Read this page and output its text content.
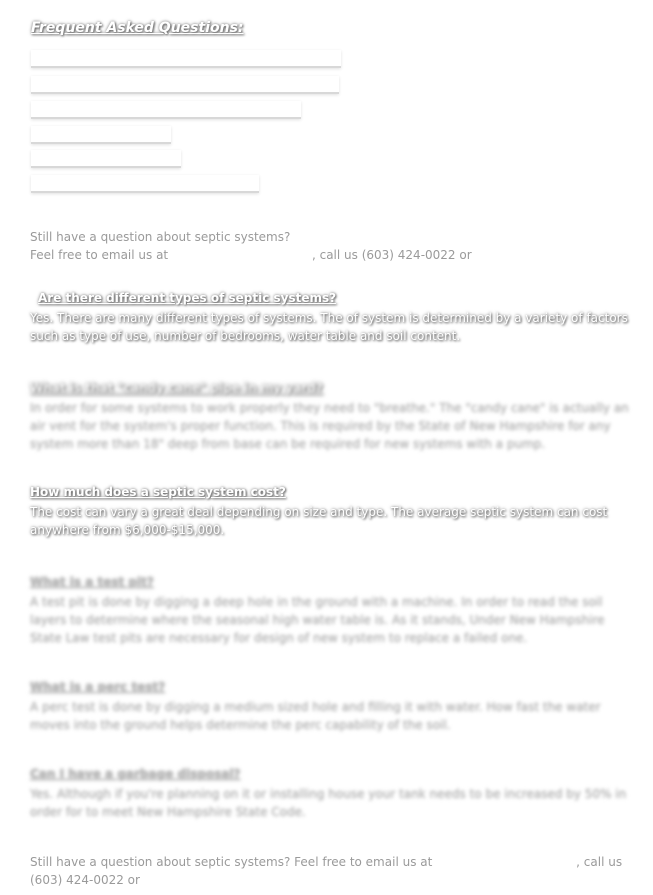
Frequent Asked Questions:
Still have a question about septic systems?
Feel free to email us at	, call us (603) 424-0022 or
Are there different types of septic systems?
Yes. There are many different types of systems. The of system is determined by a variety of factors such as type of use, number of bedrooms, water table and soil content.
What is that "candy cane" pipe in my yard?
In order for some systems to work properly they need to "breathe." The "candy cane" is actually an air vent for the system's proper function. This is required by the State of New Hampshire for any system more than 18" deep from base can be required for new systems with a pump.
How much does a septic system cost?
The cost can vary a great deal depending on size and type. The average septic system can cost anywhere from $6,000-$15,000.
What is a test pit?
A test pit is done by digging a deep hole in the ground with a machine. In order to read the soil layers to determine where the seasonal high water table is. As it stands, Under New Hampshire State Law test pits are necessary for design of new system to replace a failed one.
What is a perc test?
A perc test is done by digging a medium sized hole and filling it with water. How fast the water moves into the ground helps determine the perc capability of the soil.
Can I have a garbage disposal?
Yes. Although if you're planning on it or installing house your tank needs to be increased by 50% in order for to meet New Hampshire State Code.
Still have a question about septic systems? Feel free to email us at	, call us (603) 424-0022 or
